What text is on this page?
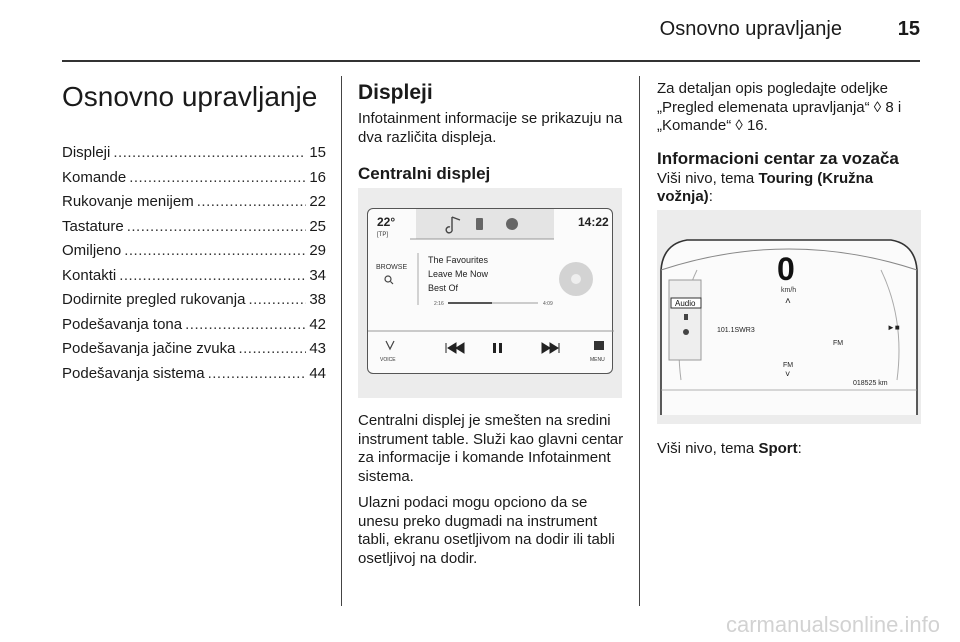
Osnovno upravljanje	15
Osnovno upravljanje
Displeji .....	15
Komande .....	16
Rukovanje menijem .....	22
Tastature .....	25
Omiljeno .....	29
Kontakti .....	34
Dodirnite pregled rukovanja .....	38
Podešavanja tona .....	42
Podešavanja jačine zvuka .....	43
Podešavanja sistema .....	44
Displeji
Infotainment informacije se prikazuju na dva različita displeja.
Centralni displej
22°
[TP]
14:22
BROWSE
The Favourites
Leave Me Now
Best Of
2:16	4:09
VOICE	MENU
Centralni displej je smešten na sredini instrument table. Služi kao glavni centar za informacije i komande Infotainment sistema.
Ulazni podaci mogu opciono da se unesu preko dugmadi na instrument tabli, ekranu osetljivom na dodir ili tabli osetljivoj na dodir.
Za detaljan opis pogledajte odeljke
„Pregled elemenata upravljanja“ ◊ 8 i
„Komande“ ◊ 16.
Informacioni centar za vozača
Viši nivo, tema Touring (Kružna vožnja):
0
km/h
˄
Audio
101.1SWR3
FM
►■
FM
˅
018525 km
Viši nivo, tema Sport:
carmanualsonline.info
